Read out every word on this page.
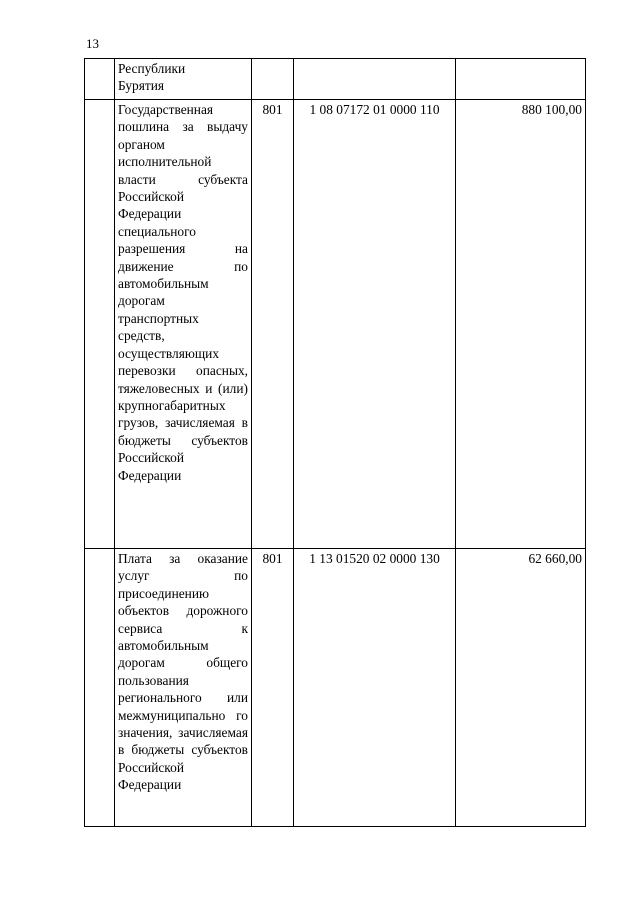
13

	Республики
Бурятия			

	Государственная пошлина за выдачу органом исполнительной власти субъекта Российской Федерации специального разрешения на движение по автомобильным дорогам транспортных средств, осуществляющих перевозки опасных, тяжеловесных и (или) крупногабаритных грузов, зачисляемая в бюджеты субъектов Российской Федерации	801	1 08 07172 01 0000 110	880 100,00

	Плата за оказание услуг по присоединению объектов дорожного сервиса к автомобильным дорогам общего пользования регионального или межмуниципально го значения, зачисляемая в бюджеты субъектов Российской Федерации	801	1 13 01520 02 0000 130	62 660,00
